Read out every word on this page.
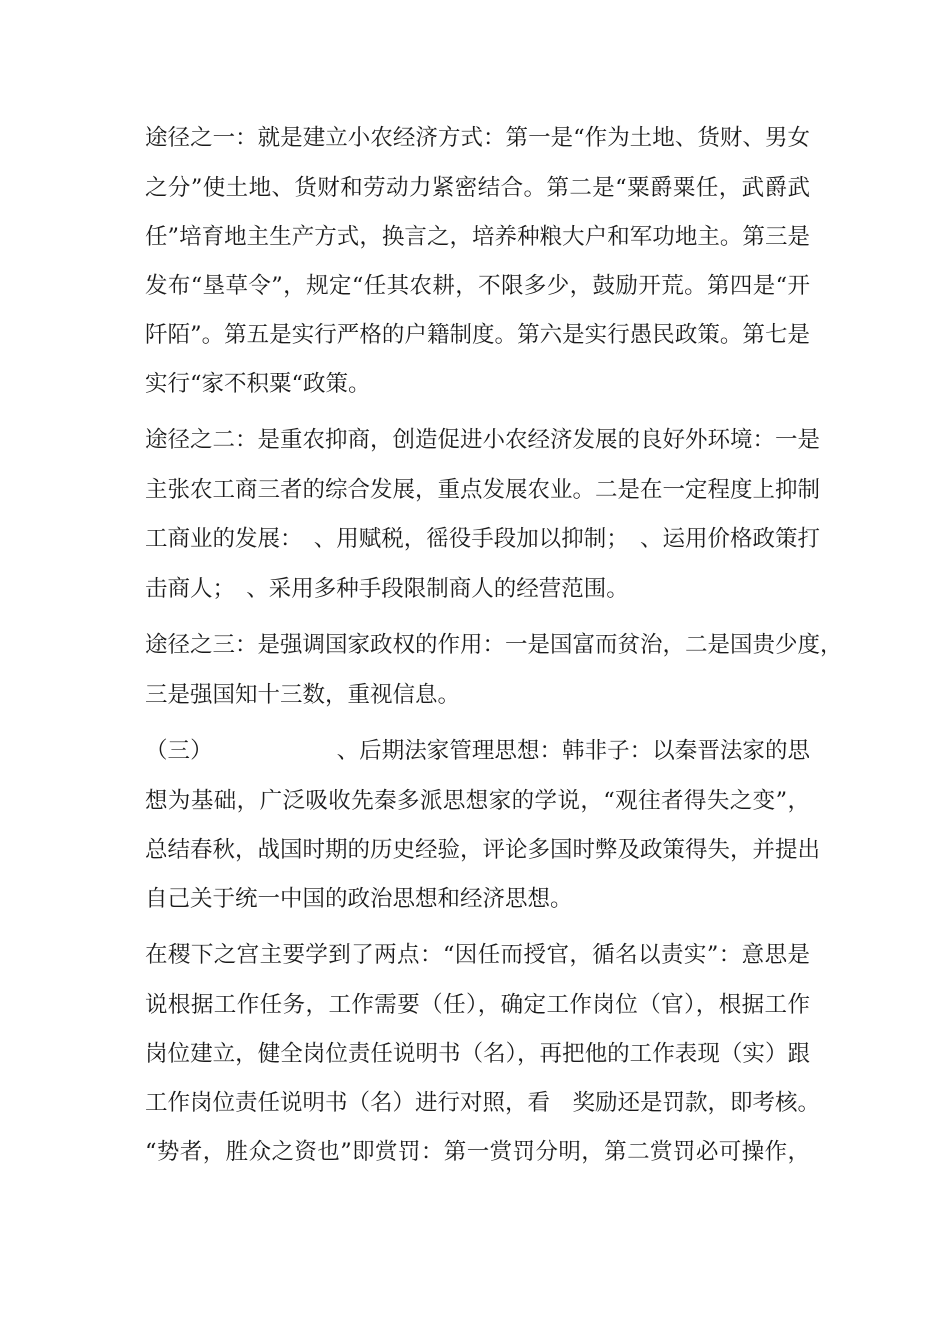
途径之一：就是建立小农经济方式：第一是“作为土地、货财、男女
之分”使土地、货财和劳动力紧密结合。第二是“粟爵粟任，武爵武
任”培育地主生产方式，换言之，培养种粮大户和军功地主。第三是
发布“垦草令”，规定“任其农耕，不限多少，鼓励开荒。第四是“开
阡陌”。第五是实行严格的户籍制度。第六是实行愚民政策。第七是
实行“家不积粟“政策。
途径之二：是重农抑商，创造促进小农经济发展的良好外环境：一是
主张农工商三者的综合发展，重点发展农业。二是在一定程度上抑制
工商业的发展：　、用赋税，徭役手段加以抑制；　、运用价格政策打
击商人；　、采用多种手段限制商人的经营范围。
途径之三：是强调国家政权的作用：一是国富而贫治，二是国贵少度，
三是强国知十三数，重视信息。
（三）　　　　　　、后期法家管理思想：韩非子：以秦晋法家的思
想为基础，广泛吸收先秦多派思想家的学说，“观往者得失之变”，
总结春秋，战国时期的历史经验，评论多国时弊及政策得失，并提出
自己关于统一中国的政治思想和经济思想。
在稷下之宫主要学到了两点：“因任而授官，循名以责实”：意思是
说根据工作任务，工作需要（任），确定工作岗位（官），根据工作
岗位建立，健全岗位责任说明书（名），再把他的工作表现（实）跟
工作岗位责任说明书（名）进行对照，看　奖励还是罚款，即考核。
“势者，胜众之资也”即赏罚：第一赏罚分明，第二赏罚必可操作，
